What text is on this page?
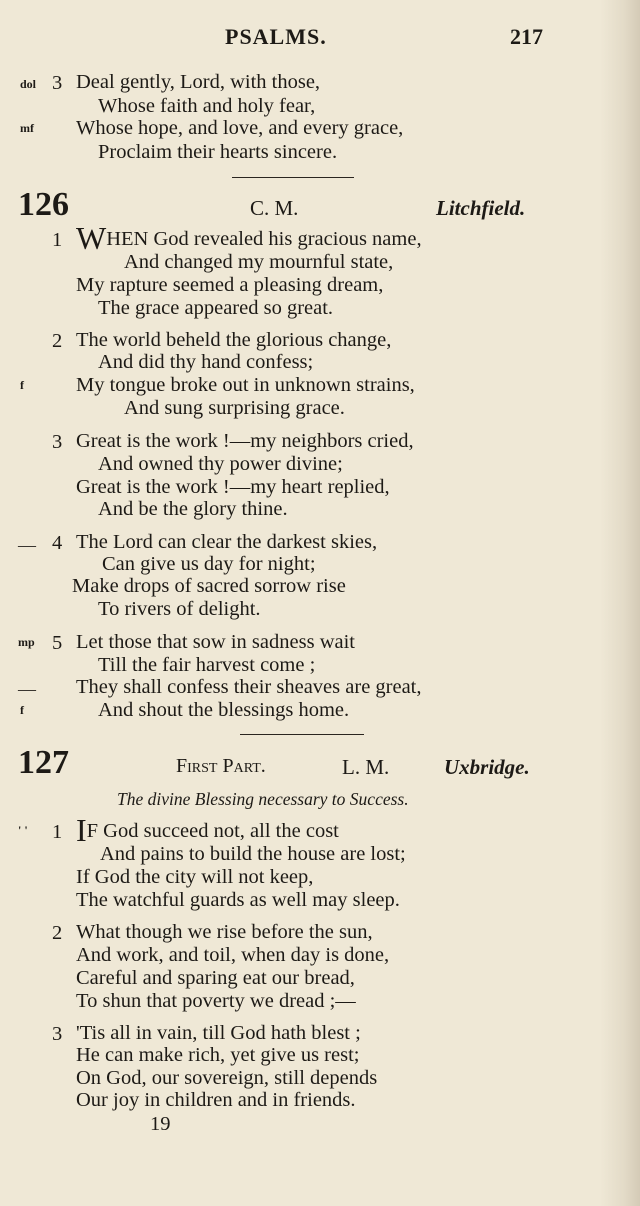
PSALMS.	217
dol 3 Deal gently, Lord, with those,
Whose faith and holy fear,
mf Whose hope, and love, and every grace,
Proclaim their hearts sincere.
126	C. M.	Litchfield.
1 WHEN God revealed his gracious name,
And changed my mournful state,
My rapture seemed a pleasing dream,
The grace appeared so great.
2 The world beheld the glorious change,
And did thy hand confess;
f	My tongue broke out in unknown strains,
And sung surprising grace.
3 Great is the work !—my neighbors cried,
And owned thy power divine;
Great is the work !—my heart replied,
And be the glory thine.
— 4 The Lord can clear the darkest skies,
Can give us day for night;
Make drops of sacred sorrow rise
To rivers of delight.
mp 5 Let those that sow in sadness wait
Till the fair harvest come ;
— They shall confess their sheaves are great,
f	And shout the blessings home.
127	First Part.	L. M.	Uxbridge.
The divine Blessing necessary to Success.
' ' 1 IF God succeed not, all the cost
And pains to build the house are lost;
If God the city will not keep,
The watchful guards as well may sleep.
2 What though we rise before the sun,
And work, and toil, when day is done,
Careful and sparing eat our bread,
To shun that poverty we dread ;—
3 'Tis all in vain, till God hath blest ;
He can make rich, yet give us rest;
On God, our sovereign, still depends
Our joy in children and in friends.
19
